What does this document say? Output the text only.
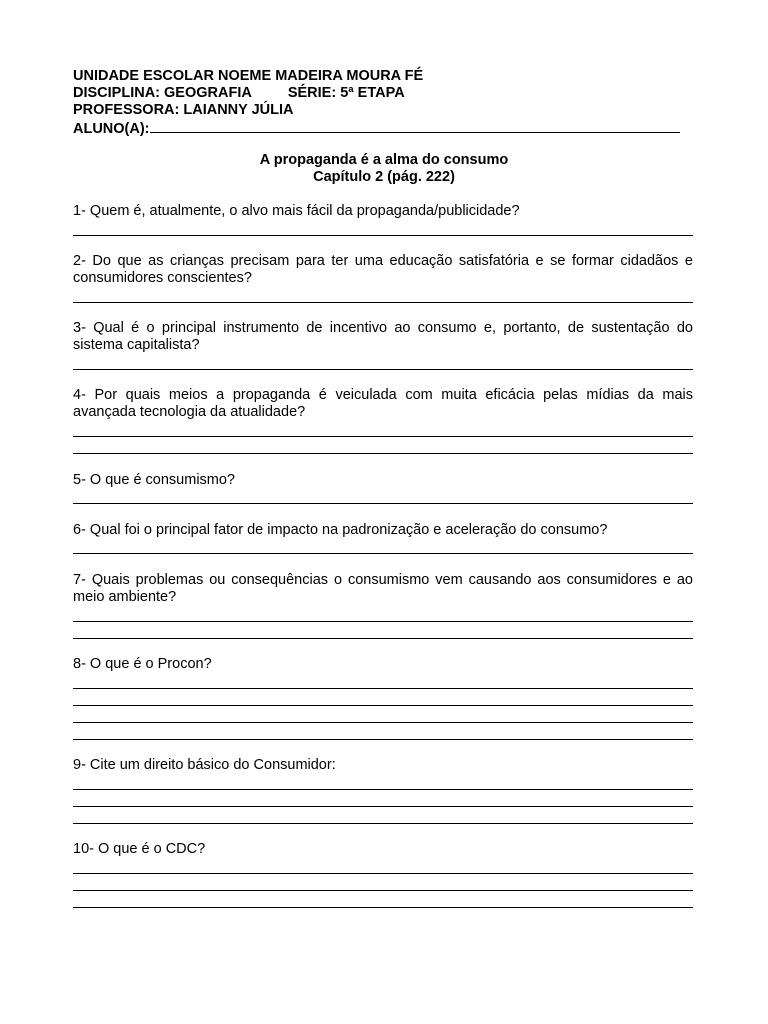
UNIDADE ESCOLAR NOEME MADEIRA MOURA FÉ
DISCIPLINA: GEOGRAFIA SÉRIE: 5ª ETAPA
PROFESSORA: LAIANNY JÚLIA
ALUNO(A):
A propaganda é a alma do consumo
Capítulo 2 (pág. 222)
1- Quem é, atualmente, o alvo mais fácil da propaganda/publicidade?
2- Do que as crianças precisam para ter uma educação satisfatória e se formar cidadãos e consumidores conscientes?
3- Qual é o principal instrumento de incentivo ao consumo e, portanto, de sustentação do sistema capitalista?
4- Por quais meios a propaganda é veiculada com muita eficácia pelas mídias da mais avançada tecnologia da atualidade?
5- O que é consumismo?
6- Qual foi o principal fator de impacto na padronização e aceleração do consumo?
7- Quais problemas ou consequências o consumismo vem causando aos consumidores e ao meio ambiente?
8- O que é o Procon?
9- Cite um direito básico do Consumidor:
10- O que é o CDC?
